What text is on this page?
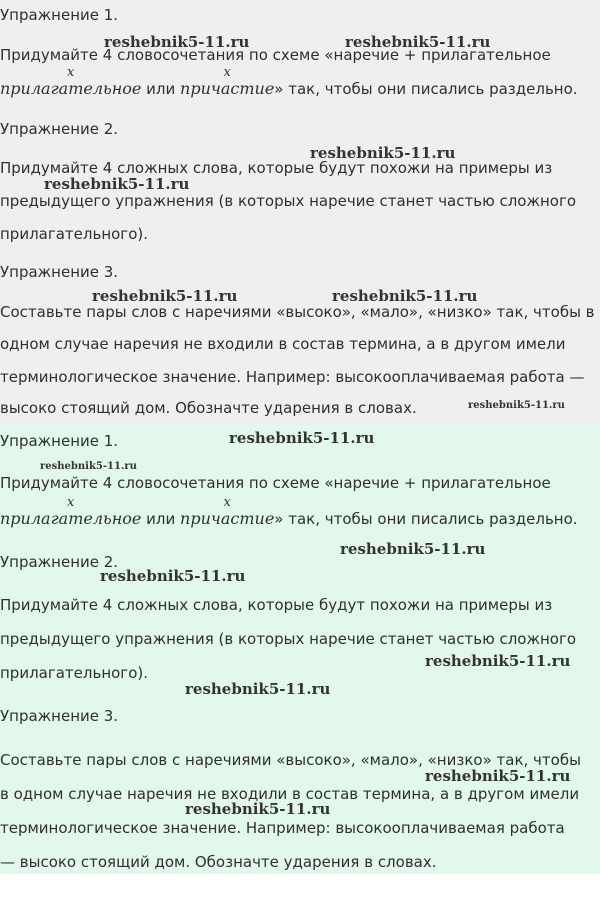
Упражнение 1.
reshebnik5-11.ru	reshebnik5-11.ru
Придумайте 4 словосочетания по схеме «наречие + прилагательное
х
прилагательное или
х
причастие» так, чтобы они писались раздельно.
Упражнение 2.
reshebnik5-11.ru
Придумайте 4 сложных слова, которые будут похожи на примеры из
reshebnik5-11.ru
предыдущего упражнения (в которых наречие станет частью сложного
прилагательного).
Упражнение 3.
reshebnik5-11.ru	reshebnik5-11.ru
Составьте пары слов с наречиями «высоко», «мало», «низко» так, чтобы в
одном случае наречия не входили в состав термина, а в другом имели
терминологическое значение. Например: высокооплачиваемая работа —
высоко стоящий дом. Обозначте ударения в словах.	reshebnik5-11.ru
Упражнение 1.	reshebnik5-11.ru
reshebnik5-11.ru
Придумайте 4 словосочетания по схеме «наречие + прилагательное
х
прилагательное или
х
причастие» так, чтобы они писались раздельно.
Упражнение 2.
reshebnik5-11.ru
reshebnik5-11.ru
Придумайте 4 сложных слова, которые будут похожи на примеры из
предыдущего упражнения (в которых наречие станет частью сложного
reshebnik5-11.ru
прилагательного).
reshebnik5-11.ru
Упражнение 3.
Составьте пары слов с наречиями «высоко», «мало», «низко» так, чтобы
reshebnik5-11.ru
в одном случае наречия не входили в состав термина, а в другом имели
reshebnik5-11.ru
терминологическое значение. Например: высокооплачиваемая работа
— высоко стоящий дом. Обозначте ударения в словах.
